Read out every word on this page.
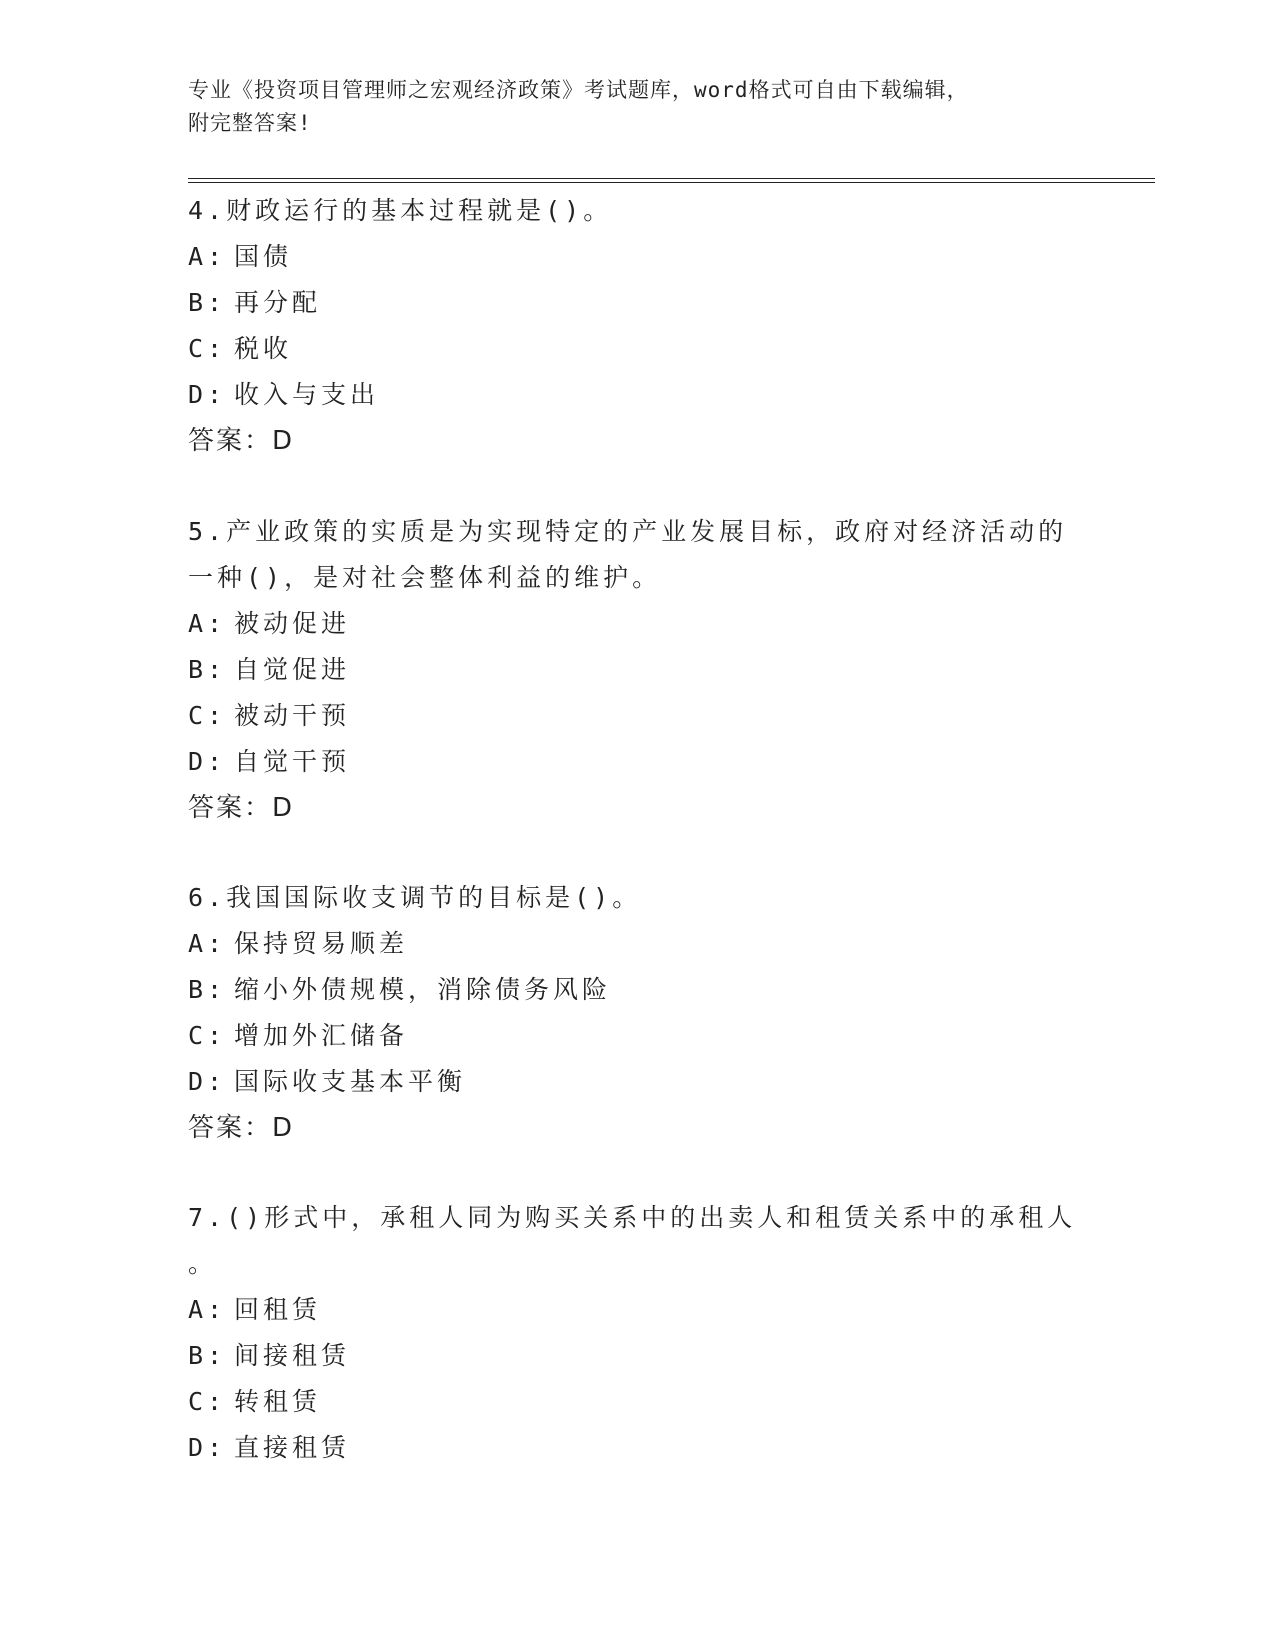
专业《投资项目管理师之宏观经济政策》考试题库，word格式可自由下载编辑，
附完整答案!
4.财政运行的基本过程就是()。
A: 国债
B: 再分配
C: 税收
D: 收入与支出
答案：D
5.产业政策的实质是为实现特定的产业发展目标，政府对经济活动的
一种()，是对社会整体利益的维护。
A: 被动促进
B: 自觉促进
C: 被动干预
D: 自觉干预
答案：D
6.我国国际收支调节的目标是()。
A: 保持贸易顺差
B: 缩小外债规模，消除债务风险
C: 增加外汇储备
D: 国际收支基本平衡
答案：D
7.()形式中，承租人同为购买关系中的出卖人和租赁关系中的承租人
。
A: 回租赁
B: 间接租赁
C: 转租赁
D: 直接租赁
